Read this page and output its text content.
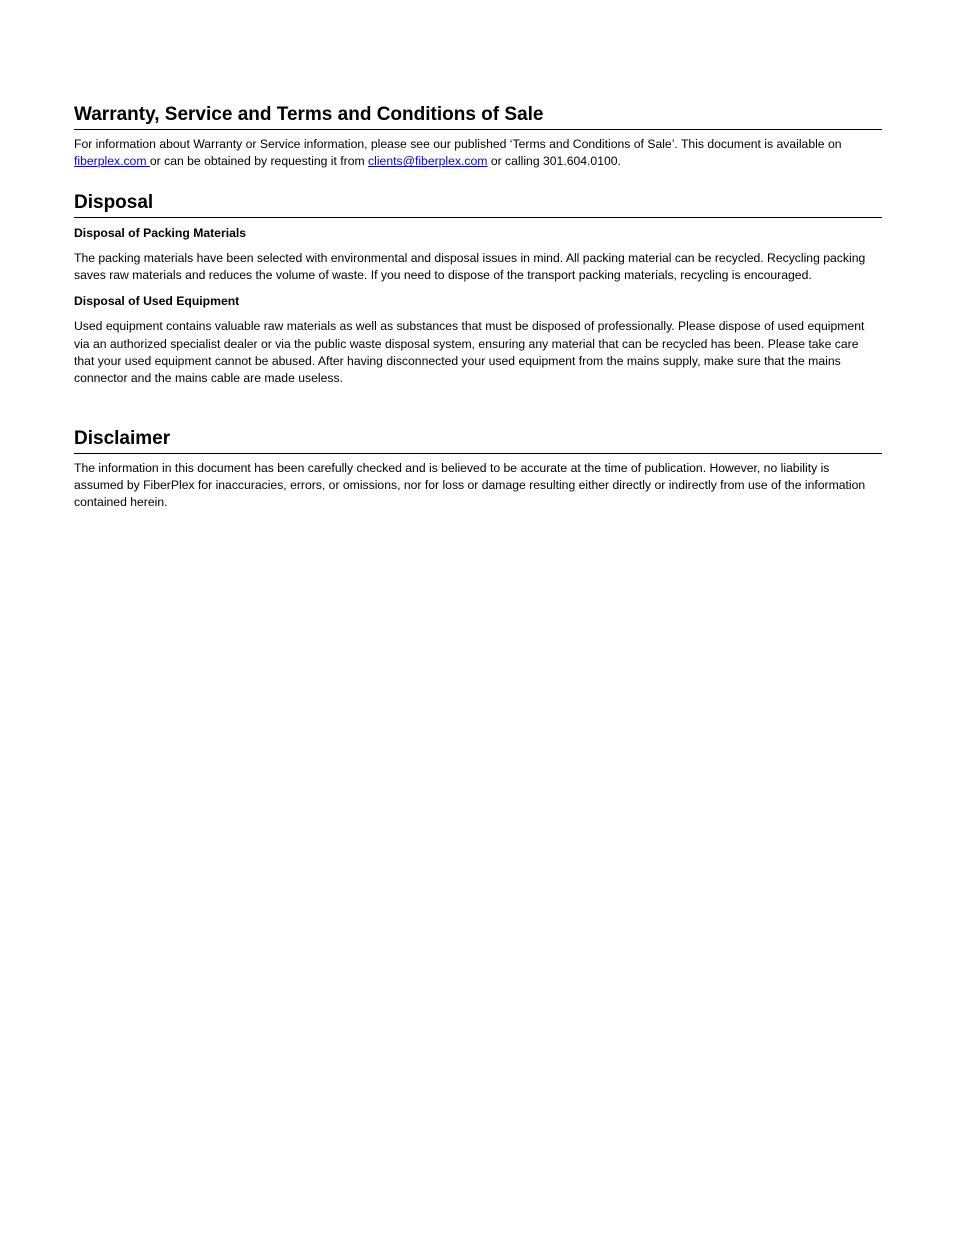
Warranty, Service and Terms and Conditions of Sale

For information about Warranty or Service information, please see our published ‘Terms and Conditions of Sale’. This document is available on fiberplex.com or can be obtained by requesting it from clients@fiberplex.com or calling 301.604.0100.

Disposal
Disposal of Packing Materials

The packing materials have been selected with environmental and disposal issues in mind. All packing material can be recycled. Recycling packing saves raw materials and reduces the volume of waste. If you need to dispose of the transport packing materials, recycling is encouraged.

Disposal of Used Equipment

Used equipment contains valuable raw materials as well as substances that must be disposed of professionally. Please dispose of used equipment via an authorized specialist dealer or via the public waste disposal system, ensuring any material that can be recycled has been. Please take care that your used equipment cannot be abused. After having disconnected your used equipment from the mains supply, make sure that the mains connector and the mains cable are made useless.

Disclaimer

The information in this document has been carefully checked and is believed to be accurate at the time of publication. However, no liability is assumed by FiberPlex for inaccuracies, errors, or omissions, nor for loss or damage resulting either directly or indirectly from use of the information contained herein.
